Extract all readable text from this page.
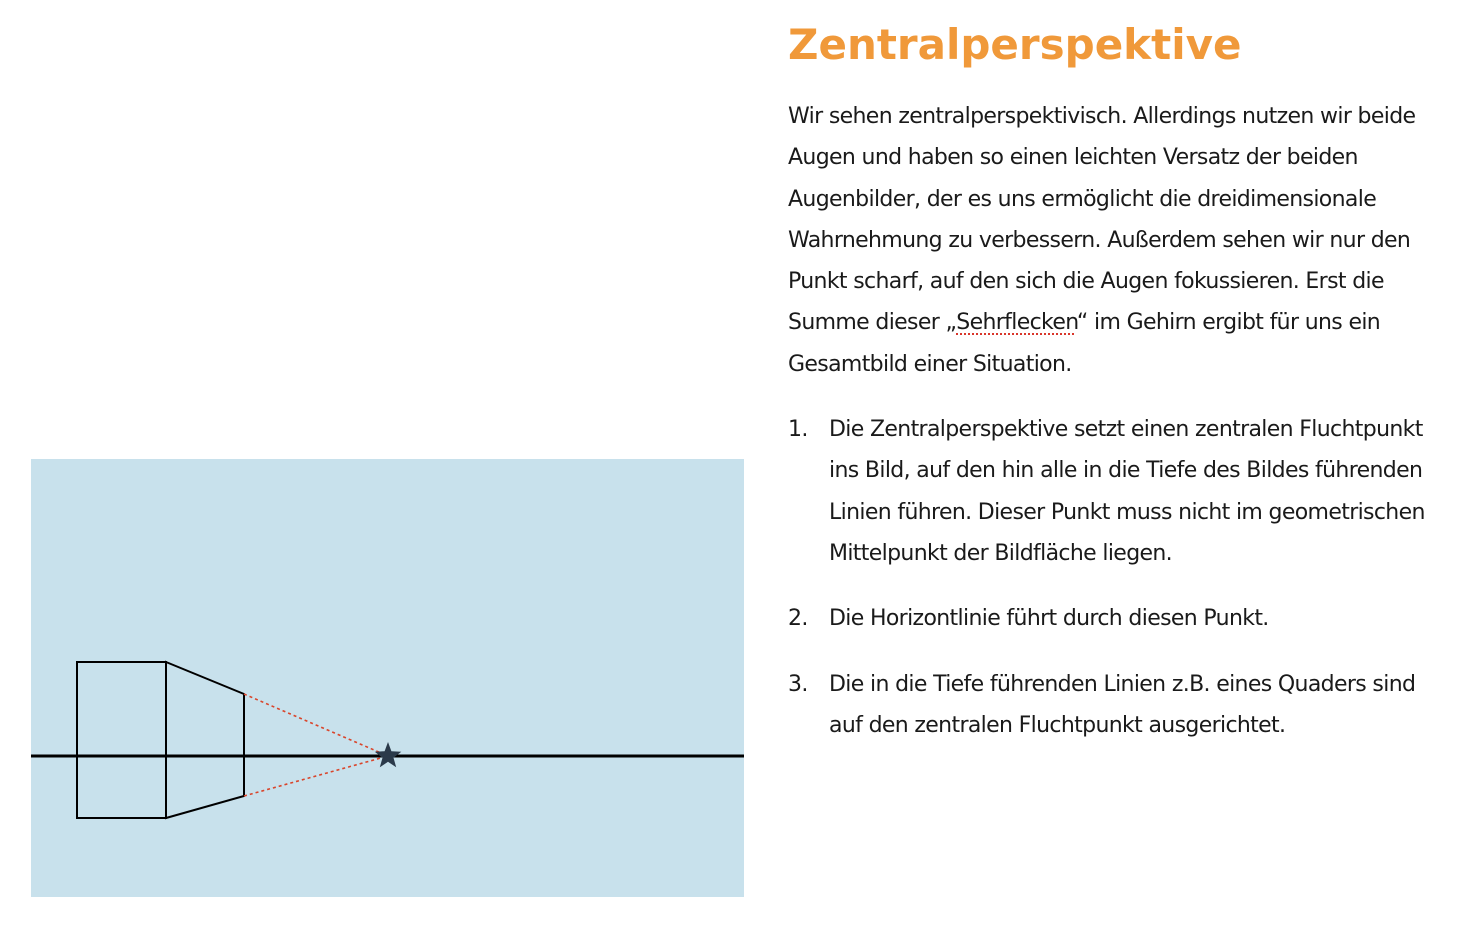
Zentralperspektive

Wir sehen zentralperspektivisch. Allerdings nutzen wir beide Augen und haben so einen leichten Versatz der beiden Augenbilder, der es uns ermöglicht die dreidimensionale Wahrnehmung zu verbessern. Außerdem sehen wir nur den Punkt scharf, auf den sich die Augen fokussieren. Erst die Summe dieser „Sehrflecken“ im Gehirn ergibt für uns ein Gesamtbild einer Situation.

1. Die Zentralperspektive setzt einen zentralen Fluchtpunkt ins Bild, auf den hin alle in die Tiefe des Bildes führenden Linien führen. Dieser Punkt muss nicht im geometrischen Mittelpunkt der Bildfläche liegen.
2. Die Horizontlinie führt durch diesen Punkt.
3. Die in die Tiefe führenden Linien z.B. eines Quaders sind auf den zentralen Fluchtpunkt ausgerichtet.
